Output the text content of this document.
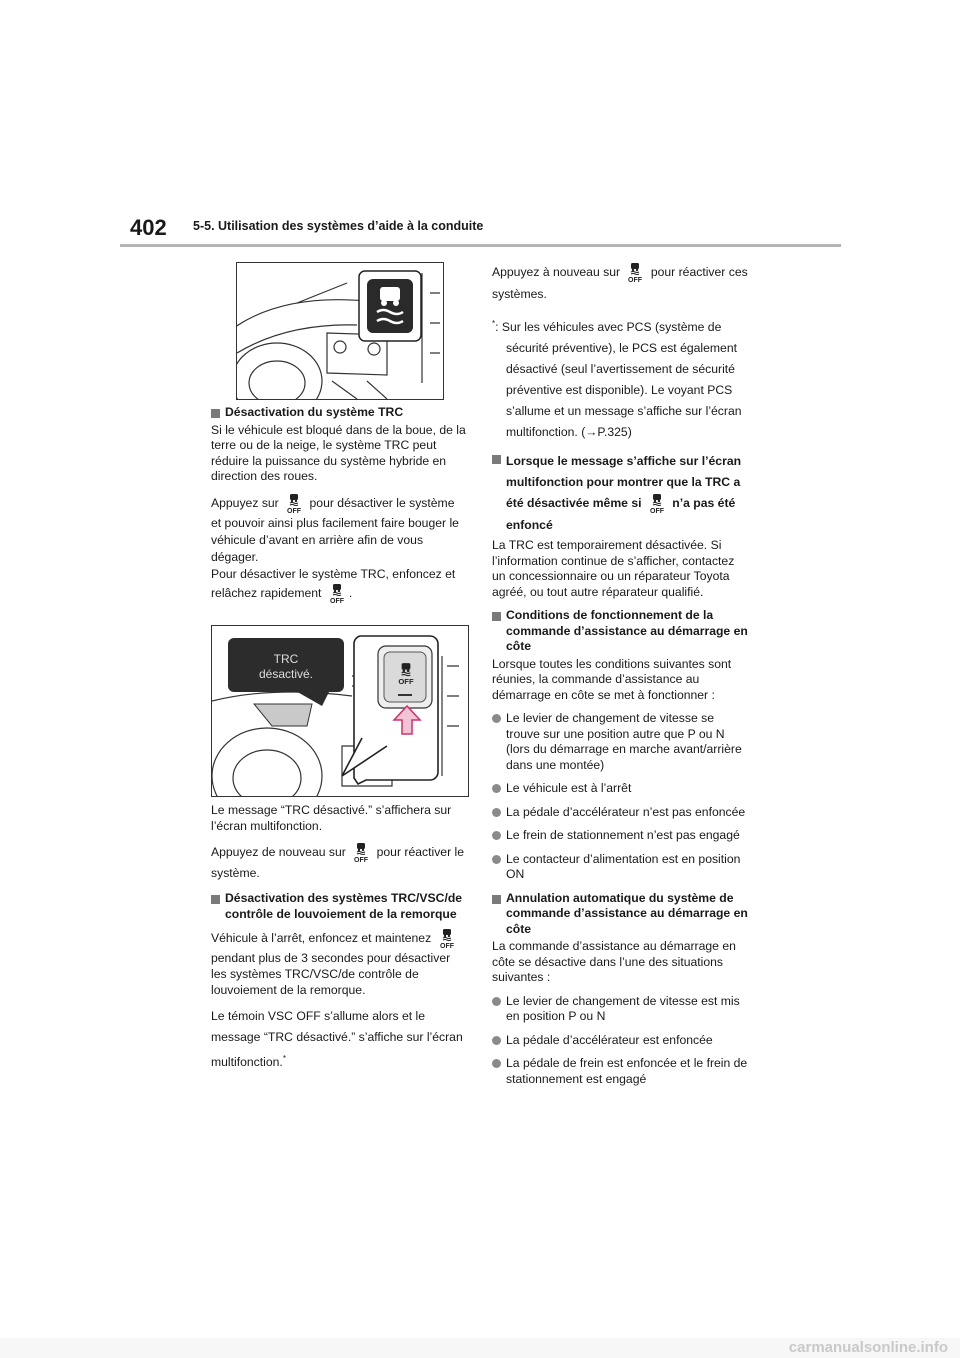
402 5-5. Utilisation des systèmes d’aide à la conduite
Désactivation du système TRC

Si le véhicule est bloqué dans de la boue, de la terre ou de la neige, le système TRC peut réduire la puissance du système hybride en direction des roues.

Appuyez sur	pour désactiver le système et pouvoir ainsi plus facilement faire bouger le véhicule d’avant en arrière afin de vous dégager.
Pour désactiver le système TRC, enfoncez et relâchez rapidement .

TRC
désactivé.

Le message “TRC désactivé.” s’affichera sur l’écran multifonction.

Appuyez de nouveau sur	pour réactiver le système.

Désactivation des systèmes TRC/VSC/de contrôle de louvoiement de la remorque

Véhicule à l’arrêt, enfoncez et maintenez  pendant plus de 3 secondes pour désactiver les systèmes TRC/VSC/de contrôle de louvoiement de la remorque.

Le témoin VSC OFF s’allume alors et le message “TRC désactivé.” s’affiche sur l’écran multifonction.*

Appuyez à nouveau sur	pour réactiver ces systèmes.

*: Sur les véhicules avec PCS (système de sécurité préventive), le PCS est également désactivé (seul l’avertissement de sécurité préventive est disponible). Le voyant PCS s’allume et un message s’affiche sur l’écran multifonction. (→P.325)

Lorsque le message s’affiche sur l’écran multifonction pour montrer que la TRC a été désactivée même si	n’a pas été enfoncé

La TRC est temporairement désactivée. Si l’information continue de s’afficher, contactez un concessionnaire ou un réparateur Toyota agréé, ou tout autre réparateur qualifié.

Conditions de fonctionnement de la commande d’assistance au démarrage en côte

Lorsque toutes les conditions suivantes sont réunies, la commande d’assistance au démarrage en côte se met à fonctionner :

Le levier de changement de vitesse se trouve sur une position autre que P ou N (lors du démarrage en marche avant/arrière dans une montée)
Le véhicule est à l’arrêt
La pédale d’accélérateur n’est pas enfoncée
Le frein de stationnement n’est pas engagé
Le contacteur d’alimentation est en position ON
Annulation automatique du système de commande d’assistance au démarrage en côte

La commande d’assistance au démarrage en côte se désactive dans l’une des situations suivantes :

Le levier de changement de vitesse est mis en position P ou N
La pédale d’accélérateur est enfoncée
La pédale de frein est enfoncée et le frein de stationnement est engagé
carmanualsonline.info
